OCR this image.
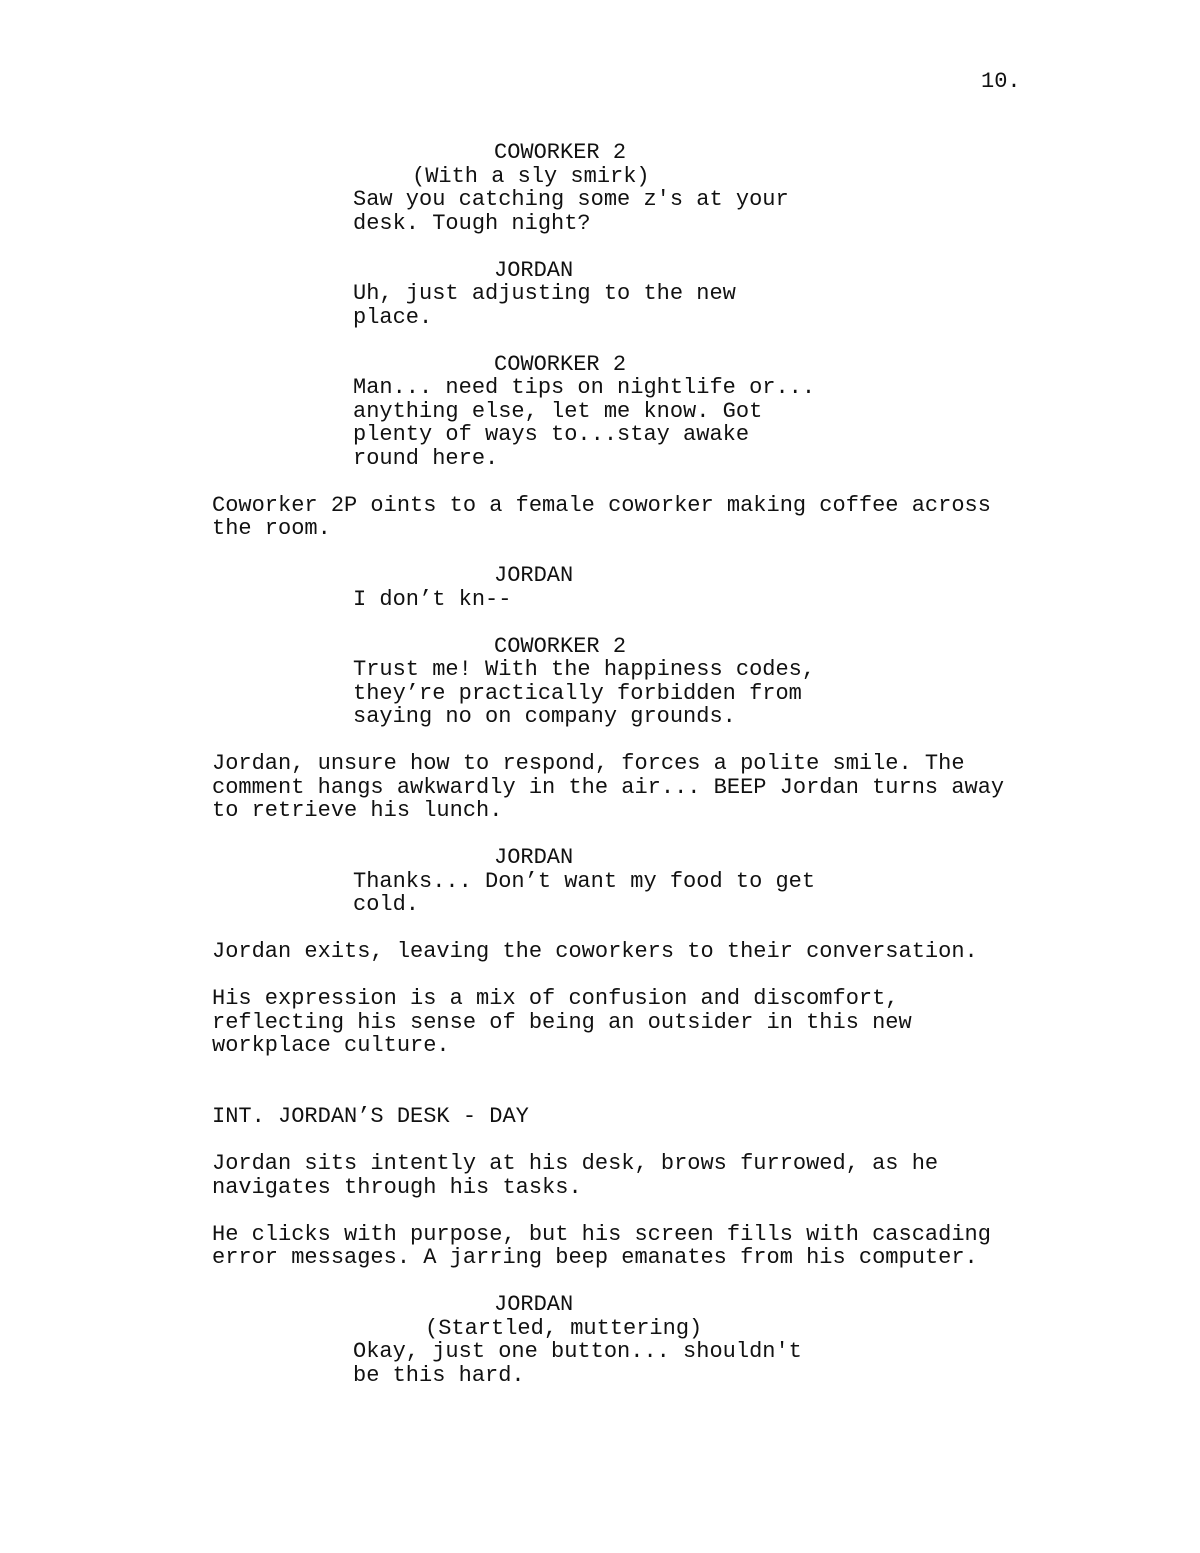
10.
COWORKER 2
(With a sly smirk)
Saw you catching some z's at your
desk. Tough night?
JORDAN
Uh, just adjusting to the new
place.
COWORKER 2
Man... need tips on nightlife or...
anything else, let me know. Got
plenty of ways to...stay awake
round here.
Coworker 2P oints to a female coworker making coffee across
the room.
JORDAN
I don’t kn--
COWORKER 2
Trust me! With the happiness codes,
they’re practically forbidden from
saying no on company grounds.
Jordan, unsure how to respond, forces a polite smile. The
comment hangs awkwardly in the air... BEEP Jordan turns away
to retrieve his lunch.
JORDAN
Thanks... Don’t want my food to get
cold.
Jordan exits, leaving the coworkers to their conversation.
His expression is a mix of confusion and discomfort,
reflecting his sense of being an outsider in this new
workplace culture.
INT. JORDAN’S DESK - DAY
Jordan sits intently at his desk, brows furrowed, as he
navigates through his tasks.
He clicks with purpose, but his screen fills with cascading
error messages. A jarring beep emanates from his computer.
JORDAN
(Startled, muttering)
Okay, just one button... shouldn't
be this hard.
